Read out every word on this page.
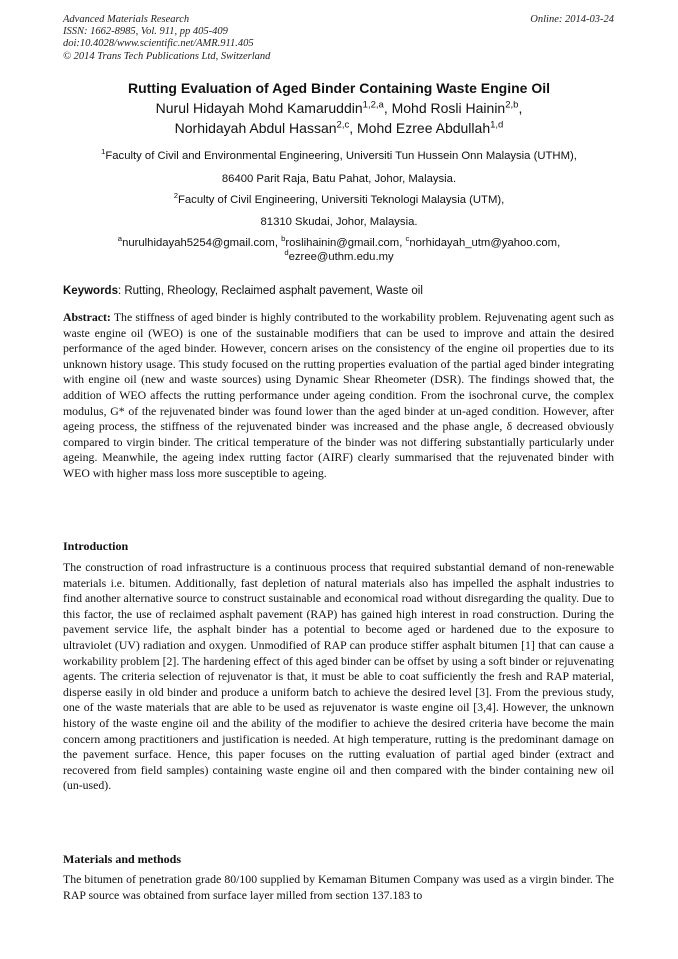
Advanced Materials Research
ISSN: 1662-8985, Vol. 911, pp 405-409
doi:10.4028/www.scientific.net/AMR.911.405
© 2014 Trans Tech Publications Ltd, Switzerland
Online: 2014-03-24
Rutting Evaluation of Aged Binder Containing Waste Engine Oil
Nurul Hidayah Mohd Kamaruddin$^{1,2,a}$, Mohd Rosli Hainin$^{2,b}$,
Norhidayah Abdul Hassan$^{2,c}$, Mohd Ezree Abdullah$^{1,d}$
$^1$Faculty of Civil and Environmental Engineering, Universiti Tun Hussein Onn Malaysia (UTHM),
86400 Parit Raja, Batu Pahat, Johor, Malaysia.
$^2$Faculty of Civil Engineering, Universiti Teknologi Malaysia (UTM),
81310 Skudai, Johor, Malaysia.
$^a$nurulhidayah5254@gmail.com, $^b$roslihainin@gmail.com, $^c$norhidayah_utm@yahoo.com,
$^d$ezree@uthm.edu.my
Keywords: Rutting, Rheology, Reclaimed asphalt pavement, Waste oil
Abstract: The stiffness of aged binder is highly contributed to the workability problem. Rejuvenating agent such as waste engine oil (WEO) is one of the sustainable modifiers that can be used to improve and attain the desired performance of the aged binder. However, concern arises on the consistency of the engine oil properties due to its unknown history usage. This study focused on the rutting properties evaluation of the partial aged binder integrating with engine oil (new and waste sources) using Dynamic Shear Rheometer (DSR). The findings showed that, the addition of WEO affects the rutting performance under ageing condition. From the isochronal curve, the complex modulus, G* of the rejuvenated binder was found lower than the aged binder at un-aged condition. However, after ageing process, the stiffness of the rejuvenated binder was increased and the phase angle, δ decreased obviously compared to virgin binder. The critical temperature of the binder was not differing substantially particularly under ageing. Meanwhile, the ageing index rutting factor (AIRF) clearly summarised that the rejuvenated binder with WEO with higher mass loss more susceptible to ageing.
Introduction
The construction of road infrastructure is a continuous process that required substantial demand of non-renewable materials i.e. bitumen. Additionally, fast depletion of natural materials also has impelled the asphalt industries to find another alternative source to construct sustainable and economical road without disregarding the quality. Due to this factor, the use of reclaimed asphalt pavement (RAP) has gained high interest in road construction. During the pavement service life, the asphalt binder has a potential to become aged or hardened due to the exposure to ultraviolet (UV) radiation and oxygen. Unmodified of RAP can produce stiffer asphalt bitumen [1] that can cause a workability problem [2]. The hardening effect of this aged binder can be offset by using a soft binder or rejuvenating agents. The criteria selection of rejuvenator is that, it must be able to coat sufficiently the fresh and RAP material, disperse easily in old binder and produce a uniform batch to achieve the desired level [3]. From the previous study, one of the waste materials that are able to be used as rejuvenator is waste engine oil [3,4]. However, the unknown history of the waste engine oil and the ability of the modifier to achieve the desired criteria have become the main concern among practitioners and justification is needed. At high temperature, rutting is the predominant damage on the pavement surface. Hence, this paper focuses on the rutting evaluation of partial aged binder (extract and recovered from field samples) containing waste engine oil and then compared with the binder containing new oil (un-used).
Materials and methods
The bitumen of penetration grade 80/100 supplied by Kemaman Bitumen Company was used as a virgin binder. The RAP source was obtained from surface layer milled from section 137.183 to
